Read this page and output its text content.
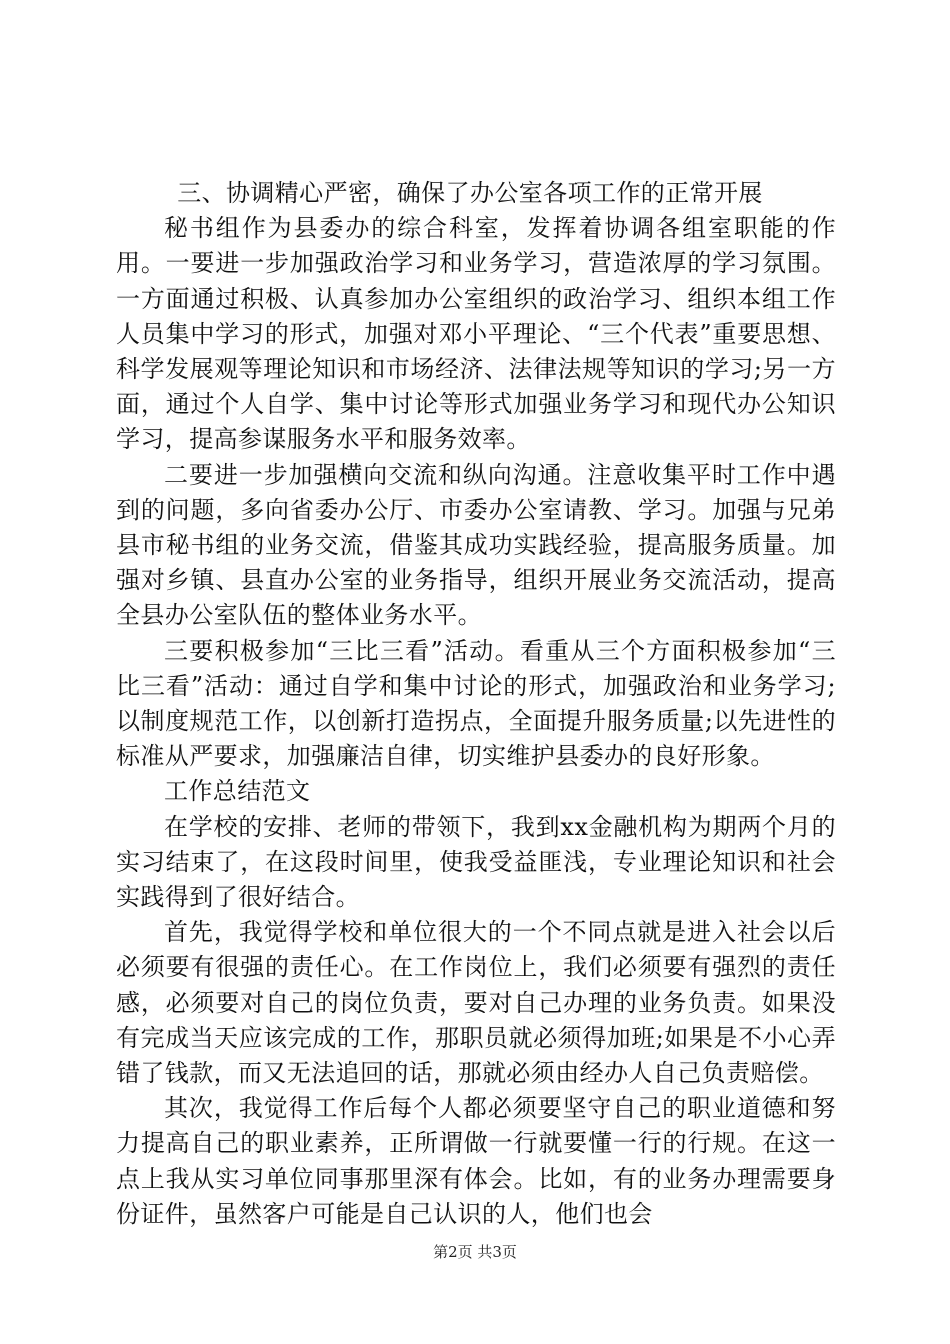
三、协调精心严密，确保了办公室各项工作的正常开展

秘书组作为县委办的综合科室，发挥着协调各组室职能的作用。一要进一步加强政治学习和业务学习，营造浓厚的学习氛围。一方面通过积极、认真参加办公室组织的政治学习、组织本组工作人员集中学习的形式，加强对邓小平理论、“三个代表”重要思想、科学发展观等理论知识和市场经济、法律法规等知识的学习;另一方面，通过个人自学、集中讨论等形式加强业务学习和现代办公知识学习，提高参谋服务水平和服务效率。

二要进一步加强横向交流和纵向沟通。注意收集平时工作中遇到的问题，多向省委办公厅、市委办公室请教、学习。加强与兄弟县市秘书组的业务交流，借鉴其成功实践经验，提高服务质量。加强对乡镇、县直办公室的业务指导，组织开展业务交流活动，提高全县办公室队伍的整体业务水平。

三要积极参加“三比三看”活动。看重从三个方面积极参加“三比三看”活动：通过自学和集中讨论的形式，加强政治和业务学习;以制度规范工作，以创新打造拐点，全面提升服务质量;以先进性的标准从严要求，加强廉洁自律，切实维护县委办的良好形象。

工作总结范文

在学校的安排、老师的带领下，我到xx金融机构为期两个月的实习结束了，在这段时间里，使我受益匪浅，专业理论知识和社会实践得到了很好结合。

首先，我觉得学校和单位很大的一个不同点就是进入社会以后必须要有很强的责任心。在工作岗位上，我们必须要有强烈的责任感，必须要对自己的岗位负责，要对自己办理的业务负责。如果没有完成当天应该完成的工作，那职员就必须得加班;如果是不小心弄错了钱款，而又无法追回的话，那就必须由经办人自己负责赔偿。

其次，我觉得工作后每个人都必须要坚守自己的职业道德和努力提高自己的职业素养，正所谓做一行就要懂一行的行规。在这一点上我从实习单位同事那里深有体会。比如，有的业务办理需要身份证件，虽然客户可能是自己认识的人，他们也会

第2页 共3页
